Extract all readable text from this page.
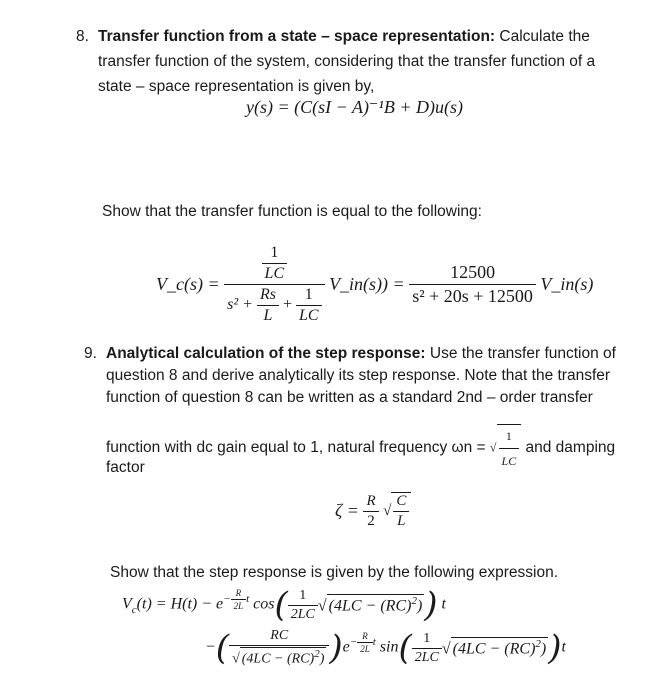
8. Transfer function from a state – space representation: Calculate the
transfer function of the system, considering that the transfer function of a
state – space representation is given by,
y(s) = (C(sI − A)⁻¹B + D)u(s)
Show that the transfer function is equal to the following:
V_c(s) =
$\frac{1}{LC}$
$s^2 + \frac{Rs}{L} + \frac{1}{LC}$
V_in(s)) = $\frac{12500}{\text{s² + 20s + 12500}}$ V_in(s)
9. Analytical calculation of the step response: Use the transfer function of
question 8 and derive analytically its step response. Note that the transfer
function of question 8 can be written as a standard 2nd – order transfer
function with dc gain equal to 1, natural frequency ωn = √ $\frac{1}{LC}$ and damping
factor
$\zeta = \frac{R}{2}$ √ $\frac{C}{L}$
Show that the step response is given by the following expression.
$V_c(t) = H(t) - e^{- \frac{R}{2L} t}$ $\cos( \frac{1}{2LC}$ √ (4LC − (RC)$^2$)) t
−( $\frac{RC}{√ (4LC - (RC)^2)} )e^{- \frac{R}{2L} t}$ $\sin( \frac{1}{2LC}$ √ (4LC − (RC)$^2$))t
